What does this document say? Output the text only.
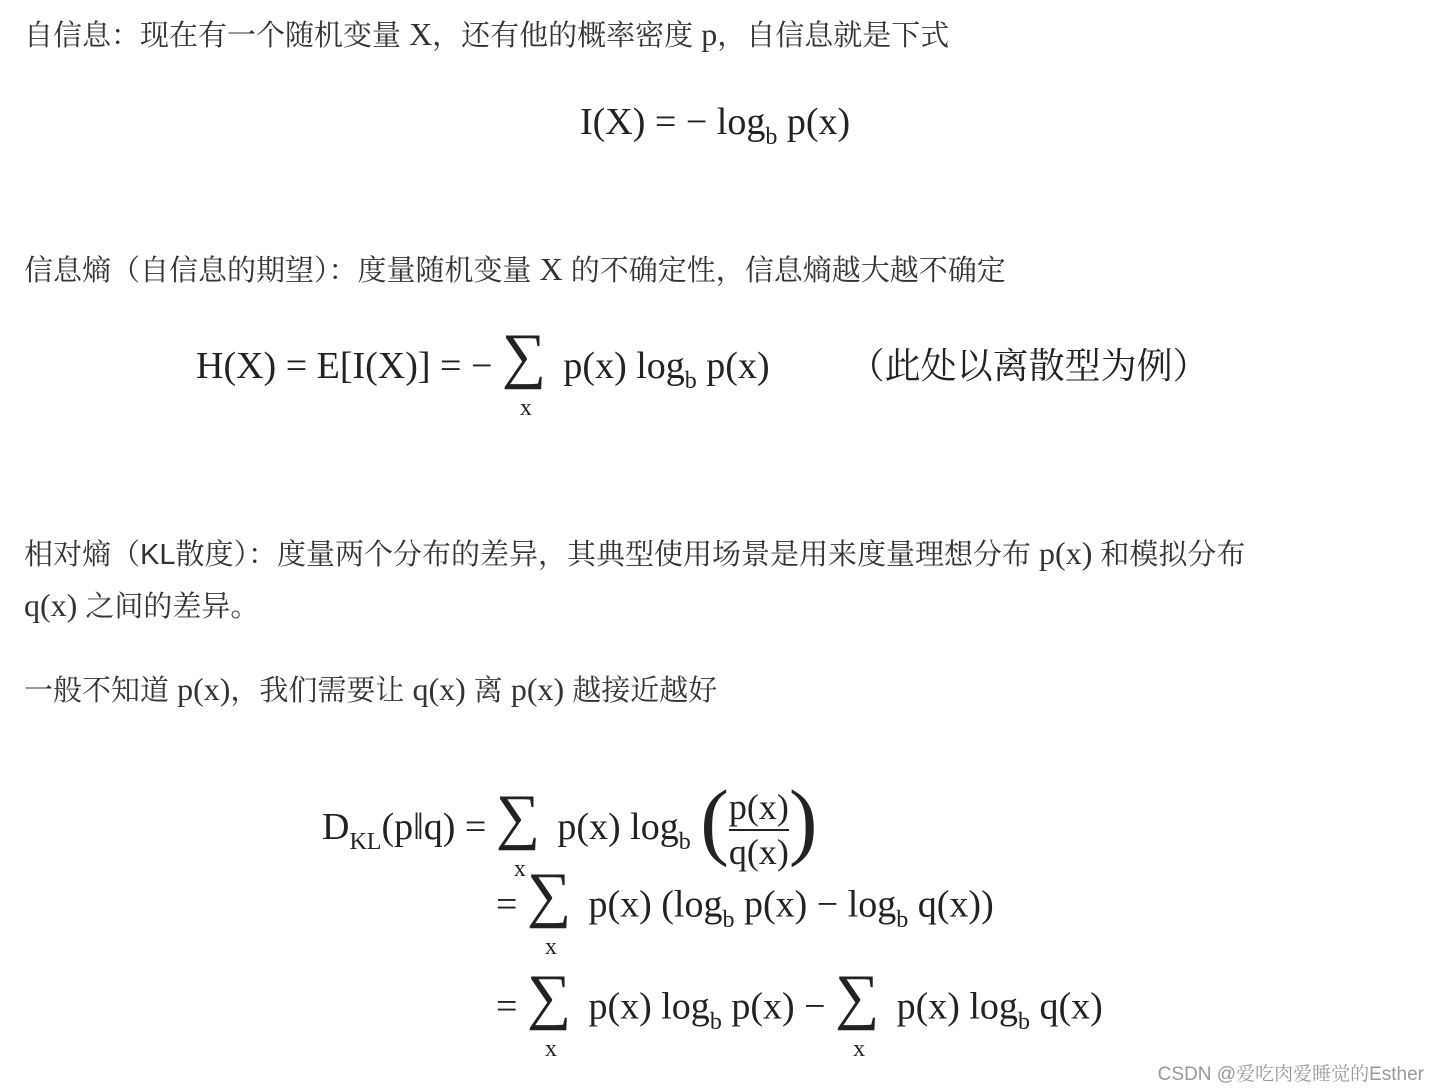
自信息：现在有一个随机变量 X，还有他的概率密度 p，自信息就是下式
I(X) = − $\log_b p(x)$
信息熵（自信息的期望）：度量随机变量 X 的不确定性，信息熵越大越不确定
H(X) = E[I(X)] = − ∑
x
p(x) $\log_b p(x)$ （此处以离散型为例）
相对熵（KL散度）：度量两个分布的差异，其典型使用场景是用来度量理想分布 p(x) 和模拟分布
q(x) 之间的差异。
一般不知道 p(x)，我们需要让 q(x) 离 p(x) 越接近越好
$D_{KL}(p‖q)$ = ∑
x
p(x) $\log_b$ ( $\frac{p(x)}{q(x)}$ )
= ∑
x
p(x) ($\log_b$ $p(x) - \log_b q(x)$)
= ∑
x
p(x) $\log_b p(x)$ − ∑
x
p(x) $\log_b q(x)$
CSDN @爱吃肉爱睡觉的Esther
